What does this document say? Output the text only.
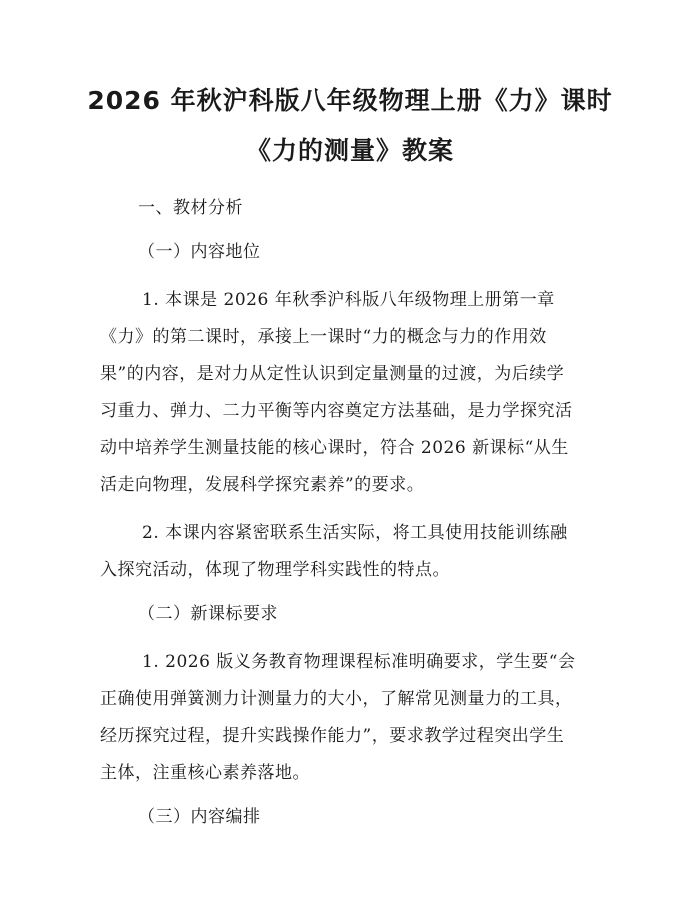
2026 年秋沪科版八年级物理上册《力》课时
《力的测量》教案
一、教材分析
（一）内容地位
1. 本课是 2026 年秋季沪科版八年级物理上册第一章
《力》的第二课时，承接上一课时“力的概念与力的作用效
果”的内容，是对力从定性认识到定量测量的过渡，为后续学
习重力、弹力、二力平衡等内容奠定方法基础，是力学探究活
动中培养学生测量技能的核心课时，符合 2026 新课标“从生
活走向物理，发展科学探究素养”的要求。
2. 本课内容紧密联系生活实际，将工具使用技能训练融
入探究活动，体现了物理学科实践性的特点。
（二）新课标要求
1. 2026 版义务教育物理课程标准明确要求，学生要“会
正确使用弹簧测力计测量力的大小，了解常见测量力的工具，
经历探究过程，提升实践操作能力”，要求教学过程突出学生
主体，注重核心素养落地。
（三）内容编排
